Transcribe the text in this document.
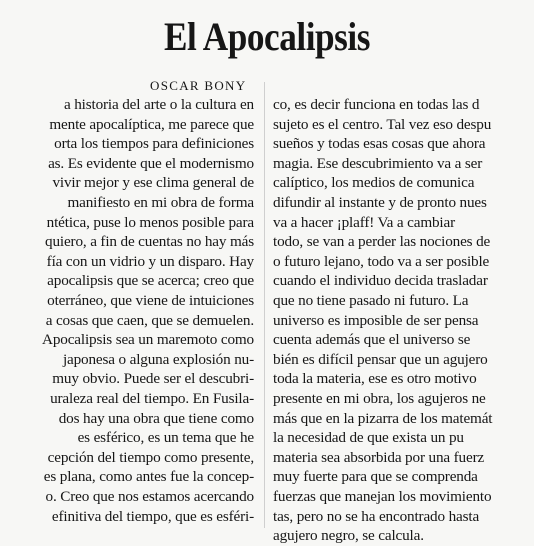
El Apocalipsis
OSCAR BONY
a historia del arte o la cultura en
mente apocalíptica, me parece que
orta los tiempos para definiciones
as. Es evidente que el modernismo
vivir mejor y ese clima general de
manifiesto en mi obra de forma
ntética, puse lo menos posible para
quiero, a fin de cuentas no hay más
fía con un vidrio y un disparo. Hay
apocalipsis que se acerca; creo que
oterráneo, que viene de intuiciones
a cosas que caen, que se demuelen.
Apocalipsis sea un maremoto como
japonesa o alguna explosión nu-
muy obvio. Puede ser el descubri-
uraleza real del tiempo. En Fusila-
dos hay una obra que tiene como
es esférico, es un tema que he
cepción del tiempo como presente,
es plana, como antes fue la concep-
o. Creo que nos estamos acercando
efinitiva del tiempo, que es esféri-
co, es decir funciona en todas las d
sujeto es el centro. Tal vez eso despu
sueños y todas esas cosas que ahora
magia. Ese descubrimiento va a ser
calíptico, los medios de comunica
difundir al instante y de pronto nues
va a hacer ¡plaff! Va a cambiar
todo, se van a perder las nociones de
o futuro lejano, todo va a ser posible
cuando el individuo decida trasladar
que no tiene pasado ni futuro. La
universo es imposible de ser pensa
cuenta además que el universo se
bién es difícil pensar que un agujero
toda la materia, ese es otro motivo
presente en mi obra, los agujeros ne
más que en la pizarra de los matemát
la necesidad de que exista un pu
materia sea absorbida por una fuerz
muy fuerte para que se comprenda
fuerzas que manejan los movimiento
tas, pero no se ha encontrado hasta
agujero negro, se calcula.
